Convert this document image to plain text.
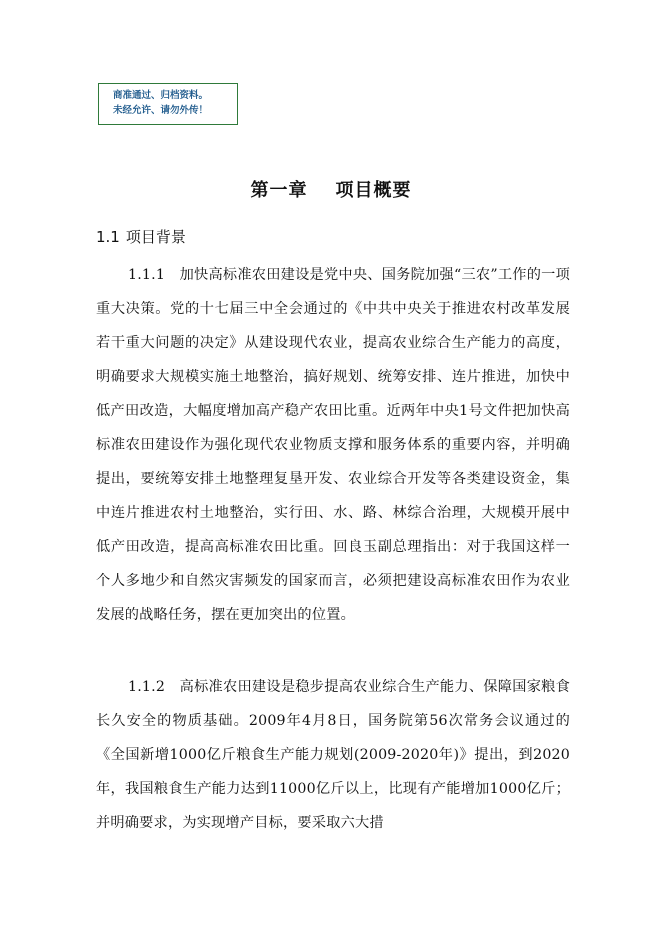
商准通过、归档资料。
未经允许、请勿外传！
第一章 项目概要
1.1 项目背景
1.1.1　加快高标准农田建设是党中央、国务院加强“三农”工作的一项重大决策。党的十七届三中全会通过的《中共中央关于推进农村改革发展若干重大问题的决定》从建设现代农业，提高农业综合生产能力的高度，明确要求大规模实施土地整治，搞好规划、统筹安排、连片推进，加快中低产田改造，大幅度增加高产稳产农田比重。近两年中央1号文件把加快高标准农田建设作为强化现代农业物质支撑和服务体系的重要内容，并明确提出，要统筹安排土地整理复垦开发、农业综合开发等各类建设资金，集中连片推进农村土地整治，实行田、水、路、林综合治理，大规模开展中低产田改造，提高高标准农田比重。回良玉副总理指出：对于我国这样一个人多地少和自然灾害频发的国家而言，必须把建设高标准农田作为农业发展的战略任务，摆在更加突出的位置。
1.1.2　高标准农田建设是稳步提高农业综合生产能力、保障国家粮食长久安全的物质基础。2009年4月8日，国务院第56次常务会议通过的《全国新增1000亿斤粮食生产能力规划(2009-2020年)》提出，到2020年，我国粮食生产能力达到11000亿斤以上，比现有产能增加1000亿斤；并明确要求，为实现增产目标，要采取六大措
